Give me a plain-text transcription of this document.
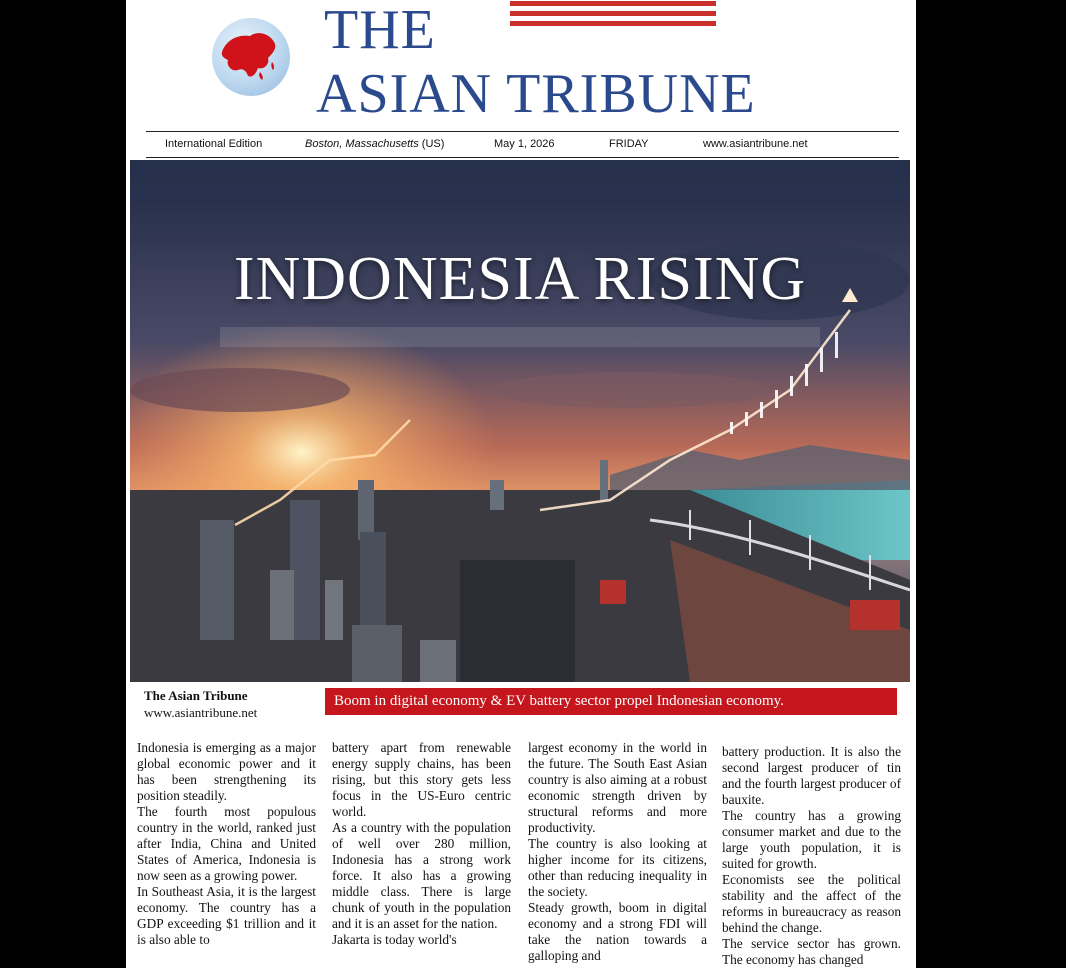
THE
ASIAN TRIBUNE
International Edition	Boston, Massachusetts (US)	May 1, 2026	FRIDAY	www.asiantribune.net
INDONESIA RISING
The Asian Tribune
www.asiantribune.net
Boom in digital economy & EV battery sector propel Indonesian economy.

Indonesia is emerging as a major global economic power and it has been strengthening its position steadily.

The fourth most populous country in the world, ranked just after India, China and United States of America, Indonesia is now seen as a growing power.

In Southeast Asia, it is the largest economy. The country has a GDP exceeding $1 trillion and it is also able to

battery apart from renewable energy supply chains, has been rising, but this story gets less focus in the US-Euro centric world.

As a country with the population of well over 280 million, Indonesia has a strong work force. It also has a growing middle class. There is large chunk of youth in the population and it is an asset for the nation.

Jakarta is today world's

largest economy in the world in the future. The South East Asian country is also aiming at a robust economic strength driven by structural reforms and more productivity.

The country is also looking at higher income for its citizens, other than reducing inequality in the society.

Steady growth, boom in digital economy and a strong FDI will take the nation towards a galloping and

battery production. It is also the second largest producer of tin and the fourth largest producer of bauxite.

The country has a growing consumer market and due to the large youth population, it is suited for growth.

Economists see the political stability and the affect of the reforms in bureaucracy as reason behind the change.

The service sector has grown. The economy has changed
